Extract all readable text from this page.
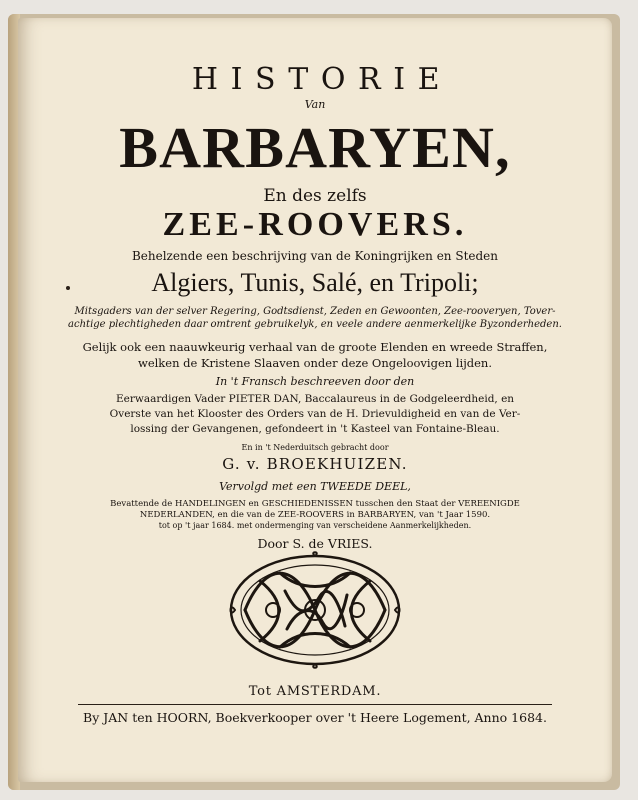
HISTORIE
Van
BARBARYEN,
En des zelfs
ZEE-ROOVERS.
Behelzende een beschrijving van de Koningrijken en Steden
Algiers, Tunis, Salé, en Tripoli;
Mitsgaders van der selver Regering, Godtsdienst, Zeden en Gewoonten, Zee-rooveryen, Tover-
achtige plechtigheden daar omtrent gebruikelyk, en veele andere aenmerkelijke Byzonderheden.
Gelijk ook een naauwkeurig verhaal van de groote Elenden en wreede Straffen,
welken de Kristene Slaaven onder deze Ongeloovigen lijden.
In 't Fransch beschreeven door den
Eerwaardigen Vader PIETER DAN, Baccalaureus in de Godgeleerdheid, en
Overste van het Klooster des Orders van de H. Drievuldigheid en van de Ver-
lossing der Gevangenen, gefondeert in 't Kasteel van Fontaine-Bleau.
En in 't Nederduitsch gebracht door
G. v. BROEKHUIZEN.
Vervolgd met een TWEEDE DEEL,
Bevattende de HANDELINGEN en GESCHIEDENISSEN tusschen den Staat der VEREENIGDE
NEDERLANDEN, en die van de ZEE-ROOVERS in BARBARYEN, van 't Jaar 1590.
tot op 't jaar 1684. met ondermenging van verscheidene Aanmerkelijkheden.
Door S. de VRIES.
Tot AMSTERDAM.
By JAN ten HOORN, Boekverkooper over 't Heere Logement, Anno 1684.
